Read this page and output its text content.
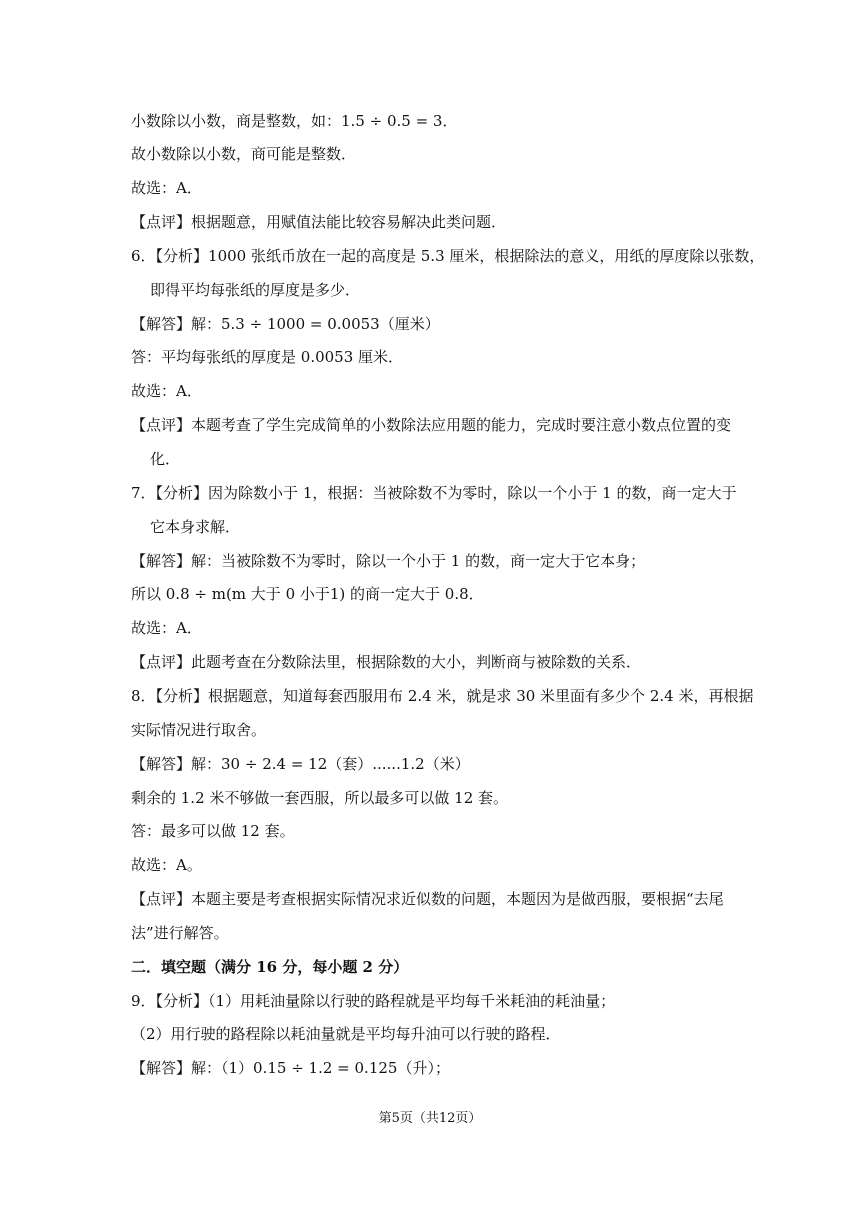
小数除以小数，商是整数，如：1.5 ÷ 0.5 = 3．
故小数除以小数，商可能是整数．
故选：A．
【点评】根据题意，用赋值法能比较容易解决此类问题．
6．【分析】1000 张纸币放在一起的高度是 5.3 厘米，根据除法的意义，用纸的厚度除以张数，
即得平均每张纸的厚度是多少．
【解答】解：5.3 ÷ 1000 = 0.0053（厘米）
答：平均每张纸的厚度是 0.0053 厘米．
故选：A．
【点评】本题考查了学生完成简单的小数除法应用题的能力，完成时要注意小数点位置的变
化．
7．【分析】因为除数小于 1，根据：当被除数不为零时，除以一个小于 1 的数，商一定大于
它本身求解．
【解答】解：当被除数不为零时，除以一个小于 1 的数，商一定大于它本身；
所以 0.8 ÷ m(m 大于 0 小于1) 的商一定大于 0.8．
故选：A．
【点评】此题考查在分数除法里，根据除数的大小，判断商与被除数的关系．
8．【分析】根据题意，知道每套西服用布 2.4 米，就是求 30 米里面有多少个 2.4 米，再根据
实际情况进行取舍。
【解答】解：30 ÷ 2.4 = 12（套）......1.2（米）
剩余的 1.2 米不够做一套西服，所以最多可以做 12 套。
答：最多可以做 12 套。
故选：A。
【点评】本题主要是考查根据实际情况求近似数的问题，本题因为是做西服，要根据“去尾
法”进行解答。
二．填空题（满分 16 分，每小题 2 分）
9．【分析】（1）用耗油量除以行驶的路程就是平均每千米耗油的耗油量；
（2）用行驶的路程除以耗油量就是平均每升油可以行驶的路程．
【解答】解：（1）0.15 ÷ 1.2 = 0.125（升）；
第5页（共12页）
